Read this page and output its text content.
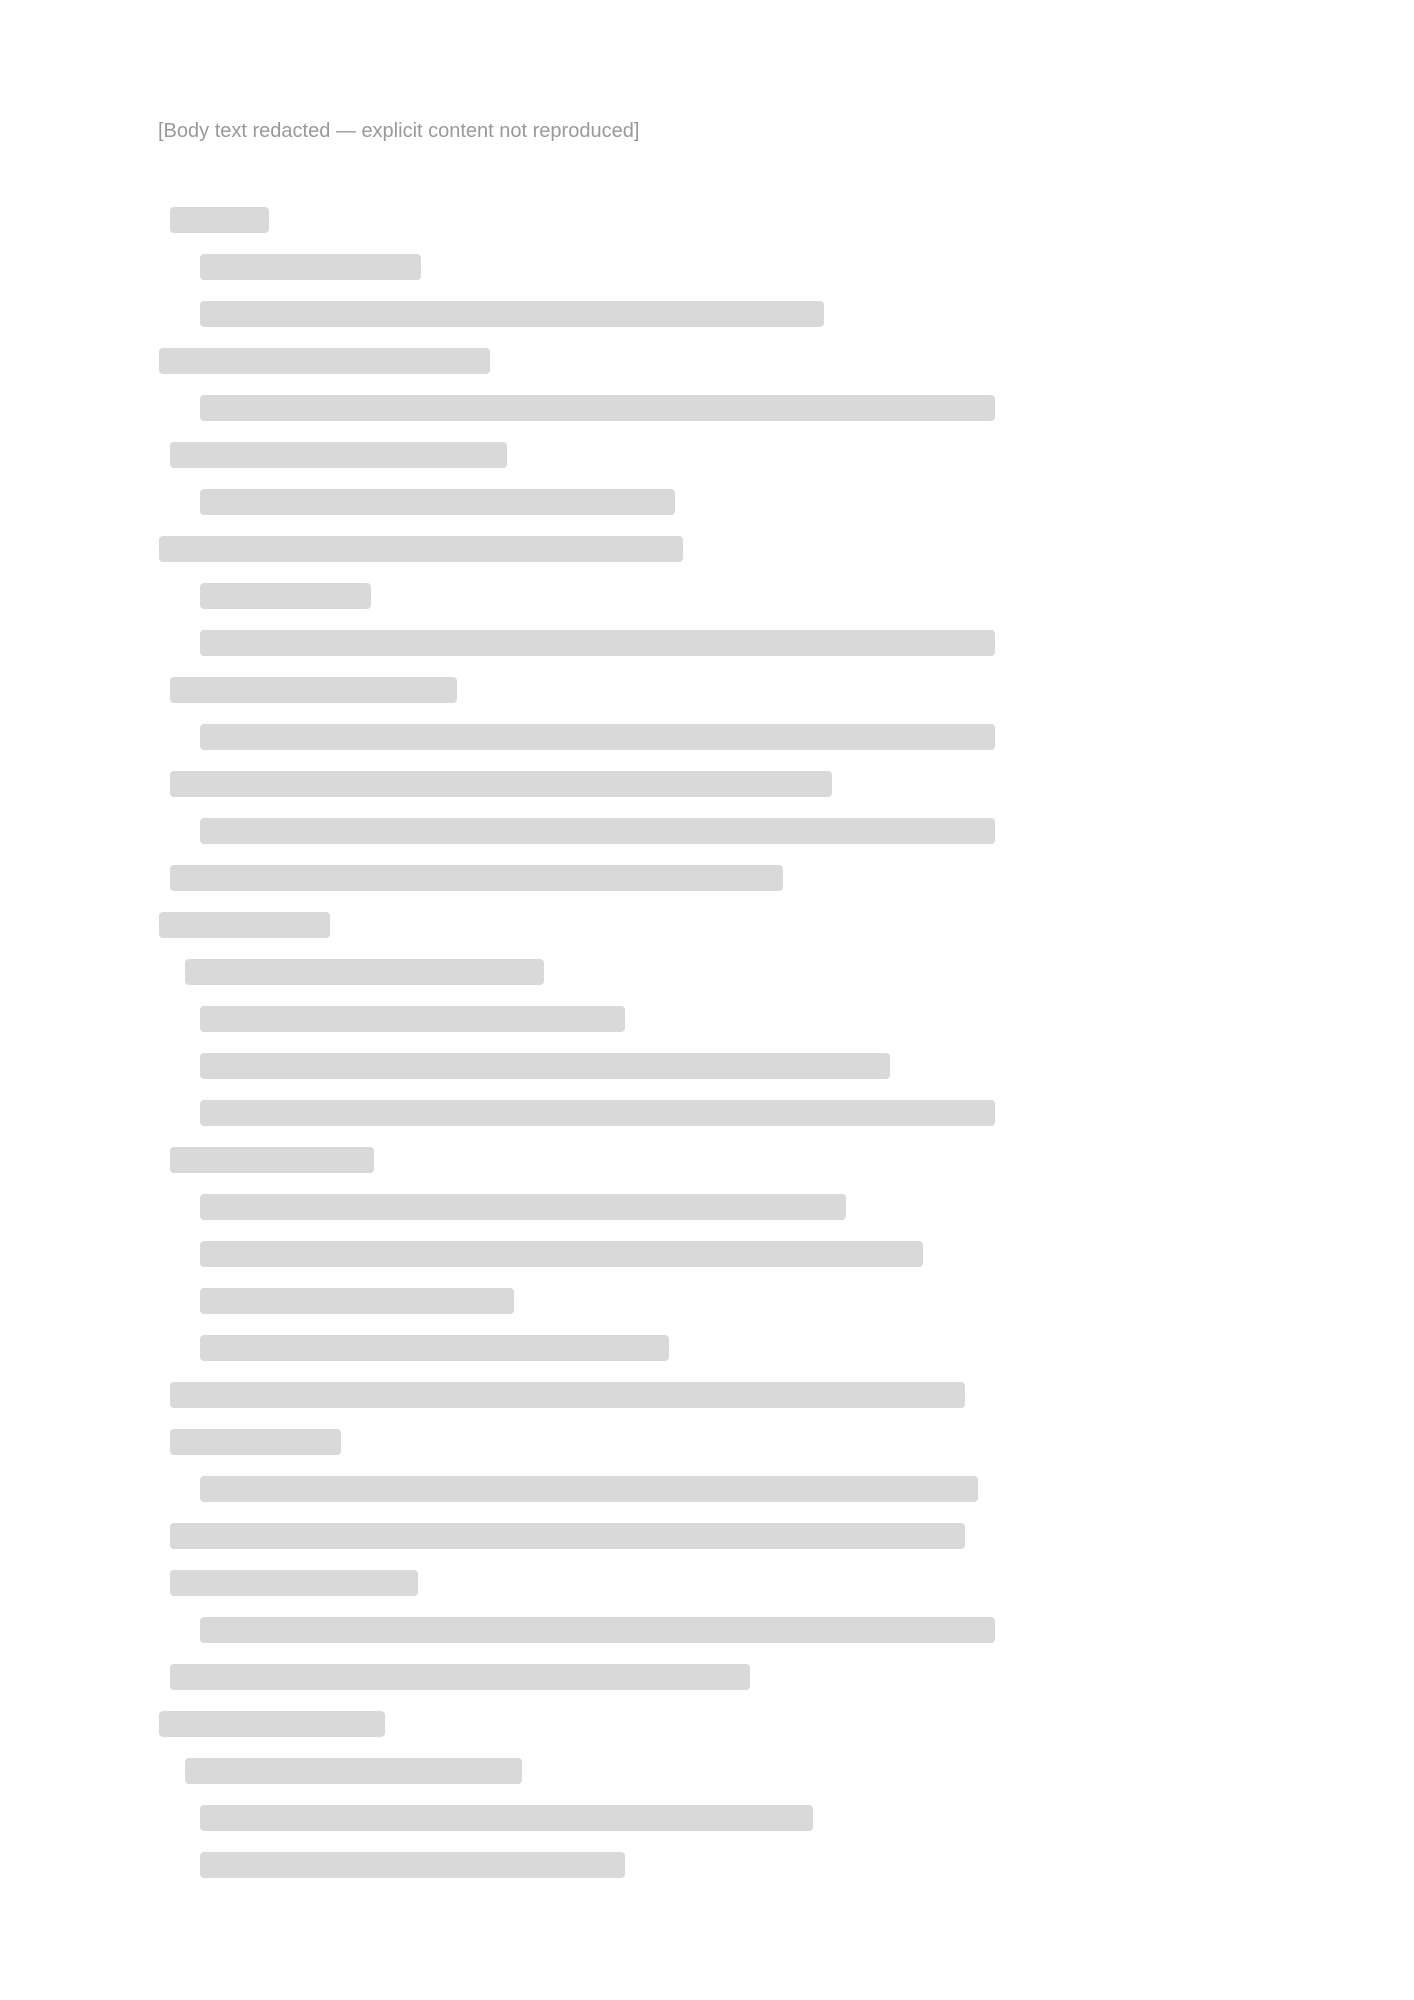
[Body text redacted — explicit content not reproduced]
